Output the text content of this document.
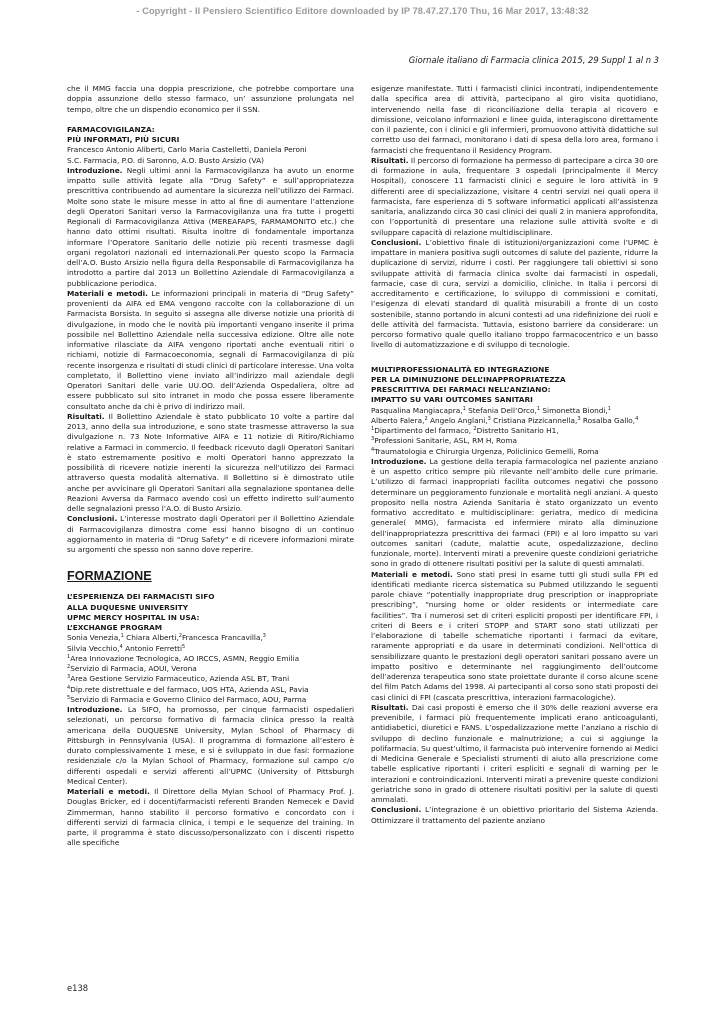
- Copyright - Il Pensiero Scientifico Editore downloaded by IP 78.47.27.170 Thu, 16 Mar 2017, 13:48:32
Giornale italiano di Farmacia clinica 2015, 29 Suppl 1 al n 3

che il MMG faccia una doppia prescrizione, che potrebbe comportare una doppia assunzione dello stesso farmaco, un’ assunzione prolungata nel tempo, oltre che un dispendio economico per il SSN.

FARMACOVIGILANZA:

PIÙ INFORMATI, PIÙ SICURI

Francesco Antonio Aliberti, Carlo Maria Castelletti, Daniela Peroni

S.C. Farmacia, P.O. di Saronno, A.O. Busto Arsizio (VA)

Introduzione. Negli ultimi anni la Farmacovigilanza ha avuto un enorme impatto sulle attività legate alla “Drug Safety” e sull’appropriatezza prescrittiva contribuendo ad aumentare la sicurezza nell’utilizzo dei Farmaci. Molte sono state le misure messe in atto al fine di aumentare l’attenzione degli Operatori Sanitari verso la Farmacovigilanza una fra tutte i progetti Regionali di Farmacovigilanza Attiva (MEREAFAPS, FARMAMONITO etc.) che hanno dato ottimi risultati. Risulta inoltre di fondamentale importanza informare l’Operatore Sanitario delle notizie più recenti trasmesse dagli organi regolatori nazionali ed internazionali.Per questo scopo la Farmacia dell’A.O. Busto Arsizio nella figura della Responsabile di Farmacovigilanza ha introdotto a partire dal 2013 un Bollettino Aziendale di Farmacovigilanza a pubblicazione periodica.

Materiali e metodi. Le informazioni principali in materia di “Drug Safety” provenienti da AIFA ed EMA vengono raccolte con la collaborazione di un Farmacista Borsista. In seguito si assegna alle diverse notizie una priorità di divulgazione, in modo che le novità più importanti vengano inserite il prima possibile nel Bollettino Aziendale nella successiva edizione. Oltre alle note informative rilasciate da AIFA vengono riportati anche eventuali ritiri o richiami, notizie di Farmacoeconomia, segnali di Farmacovigilanza di più recente insorgenza e risultati di studi clinici di particolare interesse. Una volta completato, il Bollettino viene inviato all’indirizzo mail aziendale degli Operatori Sanitari delle varie UU.OO. dell’Azienda Ospedaliera, oltre ad essere pubblicato sul sito intranet in modo che possa essere liberamente consultato anche da chi è privo di indirizzo mail.

Risultati. Il Bollettino Aziendale è stato pubblicato 10 volte a partire dal 2013, anno della sua introduzione, e sono state trasmesse attraverso la sua divulgazione n. 73 Note Informative AIFA e 11 notizie di Ritiro/Richiamo relative a Farmaci in commercio. Il feedback ricevuto dagli Operatori Sanitari è stato estremamente positivo e molti Operatori hanno apprezzato la possibilità di ricevere notizie inerenti la sicurezza nell’utilizzo dei Farmaci attraverso questa modalità alternativa. Il Bollettino si è dimostrato utile anche per avvicinare gli Operatori Sanitari alla segnalazione spontanea delle Reazioni Avversa da Farmaco avendo così un effetto indiretto sull’aumento delle segnalazioni presso l’A.O. di Busto Arsizio.

Conclusioni. L’interesse mostrato dagli Operatori per il Bollettino Aziendale di Farmacovigilanza dimostra come essi hanno bisogno di un continuo aggiornamento in materia di “Drug Safety” e di ricevere informazioni mirate su argomenti che spesso non sanno dove reperire.

FORMAZIONE

L’ESPERIENZA DEI FARMACISTI SIFO

ALLA DUQUESNE UNIVERSITY

UPMC MERCY HOSPITAL IN USA:

L’EXCHANGE PROGRAM

Sonia Venezia,$^1$ Chiara Alberti,$^2$Francesca Francavilla,$^3$
Silvia Vecchio,$^4$ Antonio Ferretti$^5$

$^1$Area Innovazione Tecnologica, AO IRCCS, ASMN, Reggio Emilia

$^2$Servizio di Farmacia, AOUI, Verona

$^3$Area Gestione Servizio Farmaceutico, Azienda ASL BT, Trani

$^4$Dip.rete distrettuale e del farmaco, UOS HTA, Azienda ASL, Pavia

$^5$Servizio di Farmacia e Governo Clinico del Farmaco, AOU, Parma

Introduzione. La SIFO, ha promosso, per cinque farmacisti ospedalieri selezionati, un percorso formativo di farmacia clinica presso la realtà americana della DUQUESNE University, Mylan School of Pharmacy di Pittsburgh in Pennsylvania (USA). Il programma di formazione all’estero è durato complessivamente 1 mese, e si è sviluppato in due fasi: formazione residenziale c/o la Mylan School of Pharmacy, formazione sul campo c/o differenti ospedali e servizi afferenti all’UPMC (University of Pittsburgh Medical Center).

Materiali e metodi. Il Direttore della Mylan School of Pharmacy Prof. J. Douglas Bricker, ed i docenti/farmacisti referenti Branden Nemecek e David Zimmerman, hanno stabilito il percorso formativo e concordato con i differenti servizi di farmacia clinica, i tempi e le sequenze del training. In parte, il programma è stato discusso/personalizzato con i discenti rispetto alle specifiche

esigenze manifestate. Tutti i farmacisti clinici incontrati, indipendentemente dalla specifica area di attività, partecipano al giro visita quotidiano, intervenendo nella fase di riconciliazione della terapia al ricovero e dimissione, veicolano informazioni e linee guida, interagiscono direttamente con il paziente, con i clinici e gli infermieri, promuovono attività didattiche sul corretto uso dei farmaci, monitorano i dati di spesa della loro area, formano i farmacisti che frequentano il Residency Program.

Risultati. Il percorso di formazione ha permesso di partecipare a circa 30 ore di formazione in aula, frequentare 3 ospedali (principalmente il Mercy Hospital), conoscere 11 farmacisti clinici e seguire le loro attività in 9 differenti aree di specializzazione, visitare 4 centri servizi nei quali opera il farmacista, fare esperienza di 5 software informatici applicati all’assistenza sanitaria, analizzando circa 30 casi clinici dei quali 2 in maniera approfondita, con l’opportunità di presentare una relazione sulle attività svolte e di sviluppare capacità di relazione multidisciplinare.

Conclusioni. L’obiettivo finale di istituzioni/organizzazioni come l’UPMC è impattare in maniera positiva sugli outcomes di salute del paziente, ridurre la duplicazione di servizi, ridurre i costi. Per raggiungere tali obiettivi si sono sviluppate attività di farmacia clinica svolte dai farmacisti in ospedali, farmacie, case di cura, servizi a domicilio, cliniche. In Italia i percorsi di accreditamento e certificazione, lo sviluppo di commissioni e comitati, l’esigenza di elevati standard di qualità misurabili a fronte di un costo sostenibile, stanno portando in alcuni contesti ad una ridefinizione dei ruoli e delle attività del farmacista. Tuttavia, esistono barriere da considerare: un percorso formativo quale quello italiano troppo farmacocentrico e un basso livello di automatizzazione e di sviluppo di tecnologie.

MULTIPROFESSIONALITÀ ED INTEGRAZIONE

PER LA DIMINUZIONE DELL’INAPPROPRIATEZZA

PRESCRITTIVA DEI FARMACI NELL’ANZIANO:

IMPATTO SU VARI OUTCOMES SANITARI

Pasqualina Mangiacapra,$^1$ Stefania Dell’Orco,$^1$ Simonetta Biondi,$^1$
Alberto Falera,$^2$ Angelo Anglani,$^3$ Cristiana Pizzicannella,$^3$ Rosalba Gallo,$^4$

$^1$Dipartimento del farmaco, $^2$Distretto Sanitario H1,

$^3$Professioni Sanitarie, ASL, RM H, Roma

$^4$Traumatologia e Chirurgia Urgenza, Policlinico Gemelli, Roma

Introduzione. La gestione della terapia farmacologica nel paziente anziano è un aspetto critico sempre più rilevante nell’ambito delle cure primarie. L’utilizzo di farmaci inappropriati facilita outcomes negativi che possono determinare un peggioramento funzionale e mortalità negli anziani. A questo proposito nella nostra Azienda Sanitaria è stato organizzato un evento formativo accreditato e multidisciplinare: geriatra, medico di medicina generale( MMG), farmacista ed infermiere mirato alla diminuzione dell’inappropriatezza prescrittiva dei farmaci (FPI) e al loro impatto su vari outcomes sanitari (cadute, malattie acute, ospedalizzazione, declino funzionale, morte). Interventi mirati a prevenire queste condizioni geriatriche sono in grado di ottenere risultati positivi per la salute di questi ammalati.

Materiali e metodi. Sono stati presi in esame tutti gli studi sulla FPI ed identificati mediante ricerca sistematica su Pubmed utilizzando le seguenti parole chiave “potentially inappropriate drug prescription or inappropriate prescribing”, “nursing home or older residents or intermediate care facilities”. Tra i numerosi set di criteri espliciti proposti per identificare FPI, i criteri di Beers e i criteri STOPP and START sono stati utilizzati per l’elaborazione di tabelle schematiche riportanti i farmaci da evitare, raramente appropriati e da usare in determinati condizioni. Nell’ottica di sensibilizzare quanto le prestazioni degli operatori sanitari possano avere un impatto positivo e determinante nel raggiungimento dell’outcome dell’aderenza terapeutica sono state proiettate durante il corso alcune scene del film Patch Adams del 1998. Ai partecipanti al corso sono stati proposti dei casi clinici di FPI (cascata prescrittiva, interazioni farmacologiche).

Risultati. Dai casi proposti è emerso che il 30% delle reazioni avverse era prevenibile, i farmaci più frequentemente implicati erano anticoagulanti, antidiabetici, diuretici e FANS. L’ospedalizzazione mette l’anziano a rischio di sviluppo di declino funzionale e malnutrizione; a cui si aggiunge la polifarmacia. Su quest’ultimo, il farmacista può intervenire fornendo ai Medici di Medicina Generale e Specialisti strumenti di aiuto alla prescrizione come tabelle esplicative riportanti i criteri espliciti e segnali di warning per le interazioni e controindicazioni. Interventi mirati a prevenire queste condizioni geriatriche sono in grado di ottenere risultati positivi per la salute di questi ammalati.

Conclusioni. L’integrazione è un obiettivo prioritario del Sistema Azienda. Ottimizzare il trattamento del paziente anziano

e138
